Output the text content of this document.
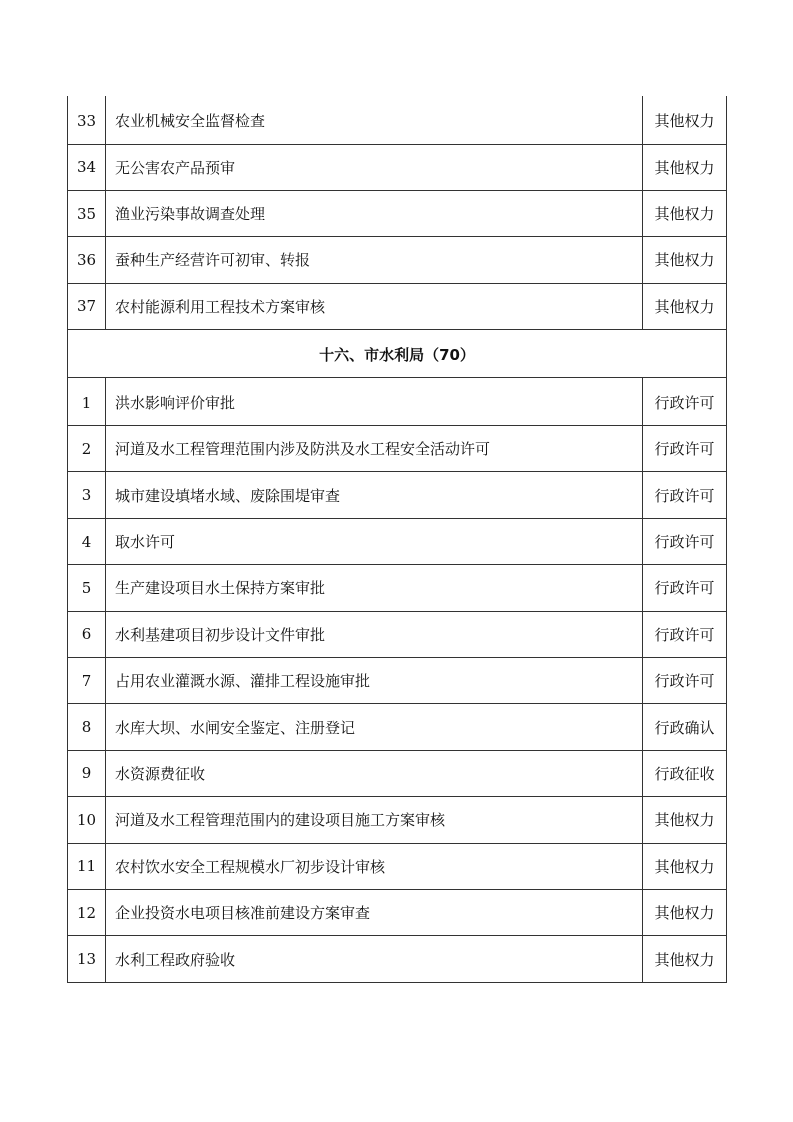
33	农业机械安全监督检查	其他权力
34	无公害农产品预审	其他权力
35	渔业污染事故调查处理	其他权力
36	蚕种生产经营许可初审、转报	其他权力
37	农村能源利用工程技术方案审核	其他权力
十六、市水利局（70）		
1	洪水影响评价审批	行政许可
2	河道及水工程管理范围内涉及防洪及水工程安全活动许可	行政许可
3	城市建设填堵水域、废除围堤审查	行政许可
4	取水许可	行政许可
5	生产建设项目水土保持方案审批	行政许可
6	水利基建项目初步设计文件审批	行政许可
7	占用农业灌溉水源、灌排工程设施审批	行政许可
8	水库大坝、水闸安全鉴定、注册登记	行政确认
9	水资源费征收	行政征收
10	河道及水工程管理范围内的建设项目施工方案审核	其他权力
11	农村饮水安全工程规模水厂初步设计审核	其他权力
12	企业投资水电项目核准前建设方案审查	其他权力
13	水利工程政府验收	其他权力
